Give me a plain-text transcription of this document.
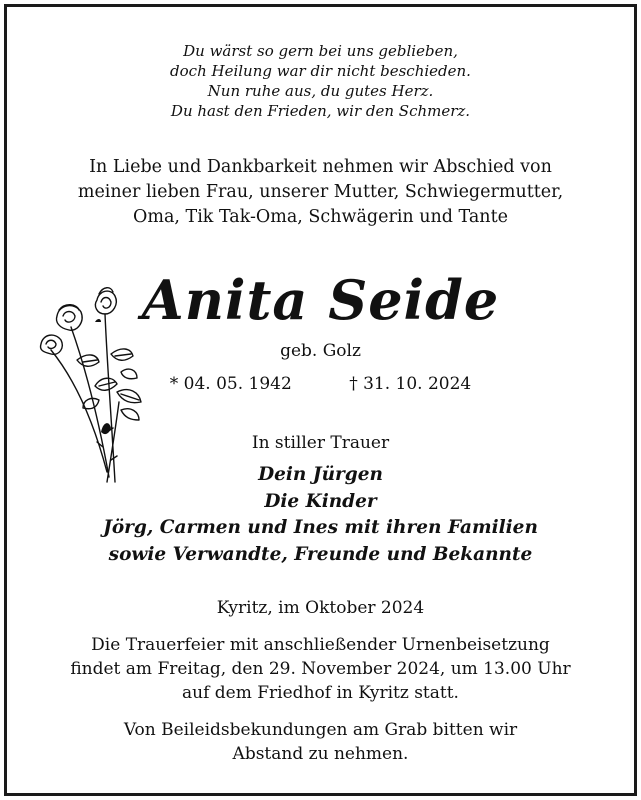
Du wärst so gern bei uns geblieben,
doch Heilung war dir nicht beschieden.
Nun ruhe aus, du gutes Herz.
Du hast den Frieden, wir den Schmerz.
In Liebe und Dankbarkeit nehmen wir Abschied von
meiner lieben Frau, unserer Mutter, Schwiegermutter,
Oma, Tik Tak-Oma, Schwägerin und Tante
Anita Seide
geb. Golz
* 04. 05. 1942	† 31. 10. 2024
In stiller Trauer
Dein Jürgen
Die Kinder
Jörg, Carmen und Ines mit ihren Familien
sowie Verwandte, Freunde und Bekannte
Kyritz, im Oktober 2024
Die Trauerfeier mit anschließender Urnenbeisetzung
findet am Freitag, den 29. November 2024, um 13.00 Uhr
auf dem Friedhof in Kyritz statt.
Von Beileidsbekundungen am Grab bitten wir
Abstand zu nehmen.
